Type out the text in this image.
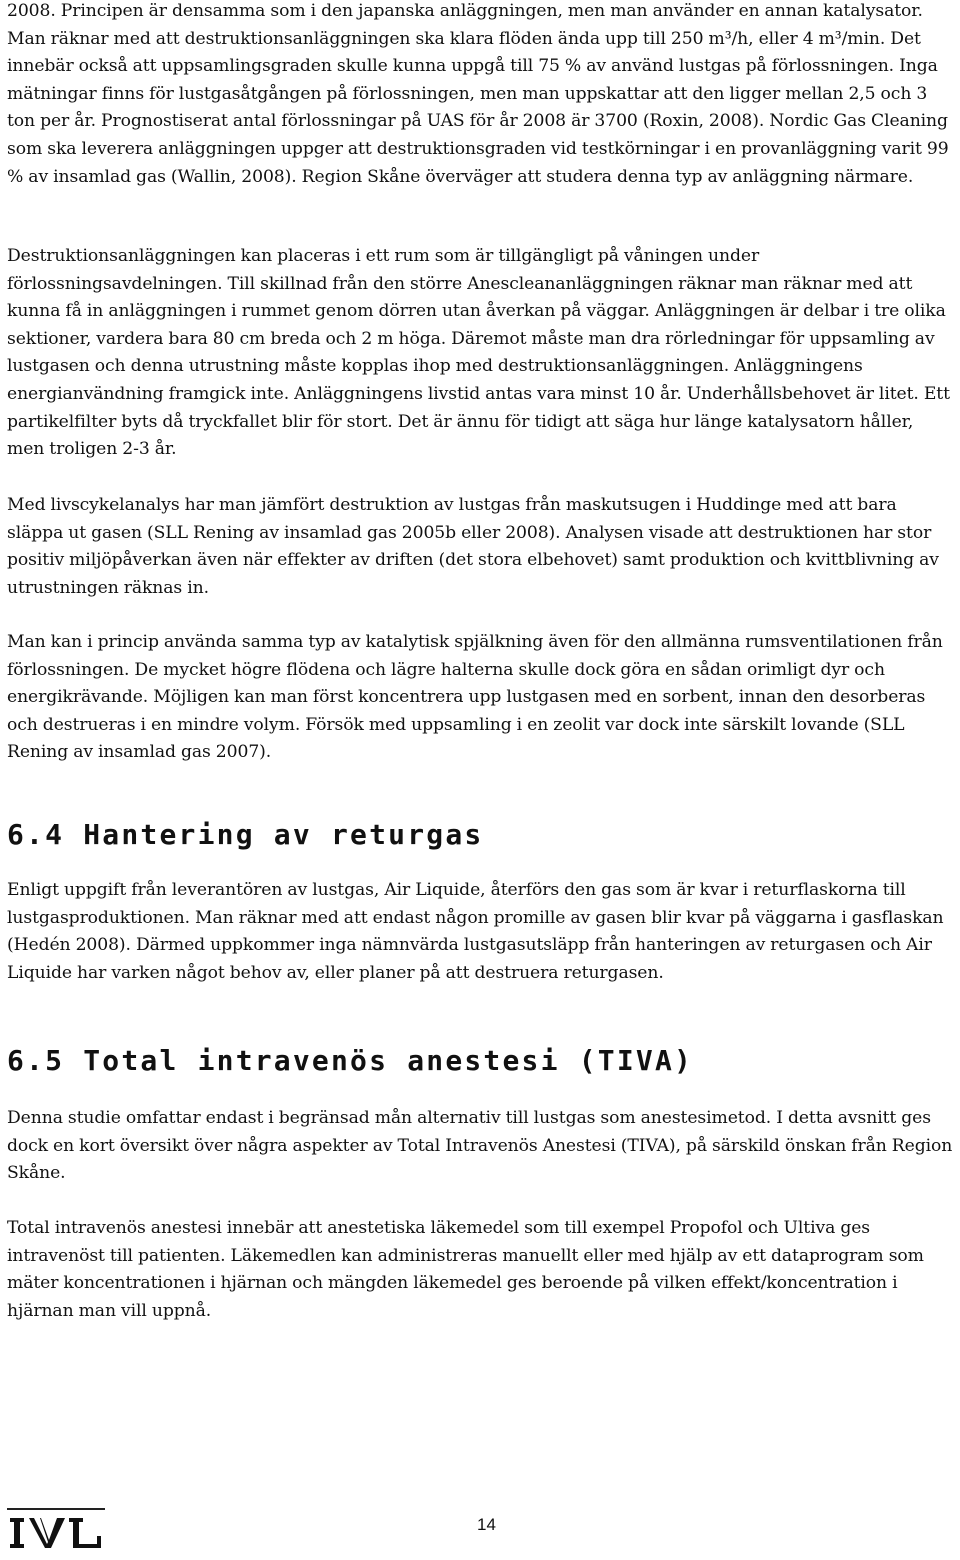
2008. Principen är densamma som i den japanska anläggningen, men man använder en annan katalysator. Man räknar med att destruktionsanläggningen ska klara flöden ända upp till 250 m³/h, eller 4 m³/min. Det innebär också att uppsamlingsgraden skulle kunna uppgå till 75 % av använd lustgas på förlossningen. Inga mätningar finns för lustgasåtgången på förlossningen, men man uppskattar att den ligger mellan 2,5 och 3 ton per år. Prognostiserat antal förlossningar på UAS för år 2008 är 3700 (Roxin, 2008). Nordic Gas Cleaning som ska leverera anläggningen uppger att destruktionsgraden vid testkörningar i en provanläggning varit 99 % av insamlad gas (Wallin, 2008). Region Skåne överväger att studera denna typ av anläggning närmare.

Destruktionsanläggningen kan placeras i ett rum som är tillgängligt på våningen under förlossningsavdelningen. Till skillnad från den större Anescleananläggningen räknar man räknar med att kunna få in anläggningen i rummet genom dörren utan åverkan på väggar. Anläggningen är delbar i tre olika sektioner, vardera bara 80 cm breda och 2 m höga. Däremot måste man dra rörledningar för uppsamling av lustgasen och denna utrustning måste kopplas ihop med destruktionsanläggningen. Anläggningens energianvändning framgick inte. Anläggningens livstid antas vara minst 10 år. Underhållsbehovet är litet. Ett partikelfilter byts då tryckfallet blir för stort. Det är ännu för tidigt att säga hur länge katalysatorn håller, men troligen 2-3 år.

Med livscykelanalys har man jämfört destruktion av lustgas från maskutsugen i Huddinge med att bara släppa ut gasen (SLL Rening av insamlad gas 2005b eller 2008). Analysen visade att destruktionen har stor positiv miljöpåverkan även när effekter av driften (det stora elbehovet) samt produktion och kvittblivning av utrustningen räknas in.

Man kan i princip använda samma typ av katalytisk spjälkning även för den allmänna rumsventilationen från förlossningen. De mycket högre flödena och lägre halterna skulle dock göra en sådan orimligt dyr och energikrävande. Möjligen kan man först koncentrera upp lustgasen med en sorbent, innan den desorberas och destrueras i en mindre volym. Försök med uppsamling i en zeolit var dock inte särskilt lovande (SLL Rening av insamlad gas 2007).

6.4 Hantering av returgas

Enligt uppgift från leverantören av lustgas, Air Liquide, återförs den gas som är kvar i returflaskorna till lustgasproduktionen. Man räknar med att endast någon promille av gasen blir kvar på väggarna i gasflaskan (Hedén 2008). Därmed uppkommer inga nämnvärda lustgasutsläpp från hanteringen av returgasen och Air Liquide har varken något behov av, eller planer på att destruera returgasen.

6.5 Total intravenös anestesi (TIVA)

Denna studie omfattar endast i begränsad mån alternativ till lustgas som anestesimetod. I detta avsnitt ges dock en kort översikt över några aspekter av Total Intravenös Anestesi (TIVA), på särskild önskan från Region Skåne.

Total intravenös anestesi innebär att anestetiska läkemedel som till exempel Propofol och Ultiva ges intravenöst till patienten. Läkemedlen kan administreras manuellt eller med hjälp av ett dataprogram som mäter koncentrationen i hjärnan och mängden läkemedel ges beroende på vilken effekt/koncentration i hjärnan man vill uppnå.

14
